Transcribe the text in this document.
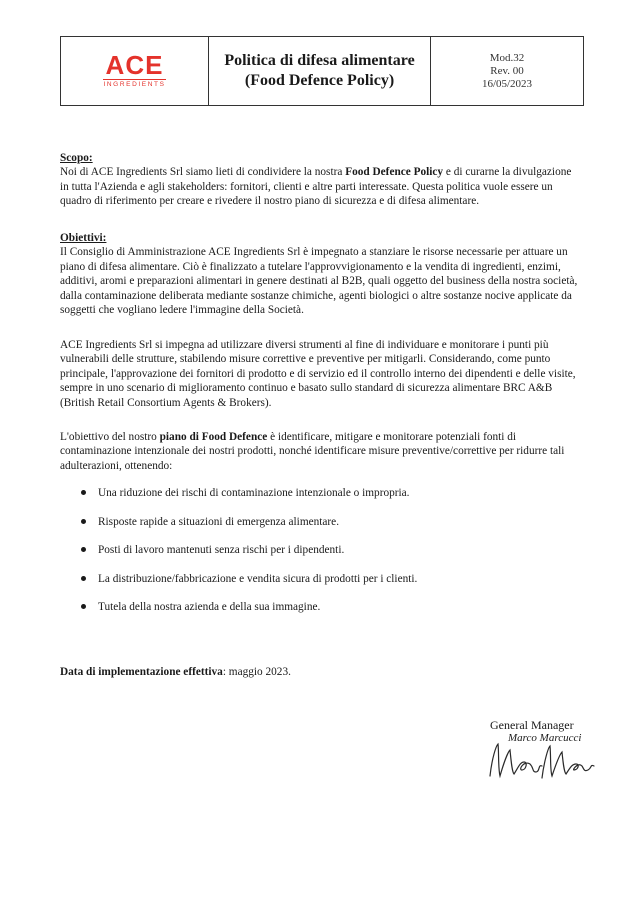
ACE
INGREDIENTS
Politica di difesa alimentare
(Food Defence Policy)
Mod.32
Rev. 00
16/05/2023
Scopo:
Noi di ACE Ingredients Srl siamo lieti di condividere la nostra Food Defence Policy e di curarne la divulgazione in tutta l'Azienda e agli stakeholders: fornitori, clienti e altre parti interessate. Questa politica vuole essere un quadro di riferimento per creare e rivedere il nostro piano di sicurezza e di difesa alimentare.
Obiettivi:
Il Consiglio di Amministrazione ACE Ingredients Srl è impegnato a stanziare le risorse necessarie per attuare un piano di difesa alimentare. Ciò è finalizzato a tutelare l'approvvigionamento e la vendita di ingredienti, enzimi, additivi, aromi e preparazioni alimentari in genere destinati al B2B, quali oggetto del business della nostra società, dalla contaminazione deliberata mediante sostanze chimiche, agenti biologici o altre sostanze nocive applicate da soggetti che vogliano ledere l'immagine della Società.
ACE Ingredients Srl si impegna ad utilizzare diversi strumenti al fine di individuare e monitorare i punti più vulnerabili delle strutture, stabilendo misure correttive e preventive per mitigarli. Considerando, come punto principale, l'approvazione dei fornitori di prodotto e di servizio ed il controllo interno dei dipendenti e delle visite, sempre in uno scenario di miglioramento continuo e basato sullo standard di sicurezza alimentare BRC A&B (British Retail Consortium Agents & Brokers).
L'obiettivo del nostro piano di Food Defence è identificare, mitigare e monitorare potenziali fonti di contaminazione intenzionale dei nostri prodotti, nonché identificare misure preventive/correttive per ridurre tali adulterazioni, ottenendo:
Una riduzione dei rischi di contaminazione intenzionale o impropria.
Risposte rapide a situazioni di emergenza alimentare.
Posti di lavoro mantenuti senza rischi per i dipendenti.
La distribuzione/fabbricazione e vendita sicura di prodotti per i clienti.
Tutela della nostra azienda e della sua immagine.
Data di implementazione effettiva: maggio 2023.
General Manager
Marco Marcucci
